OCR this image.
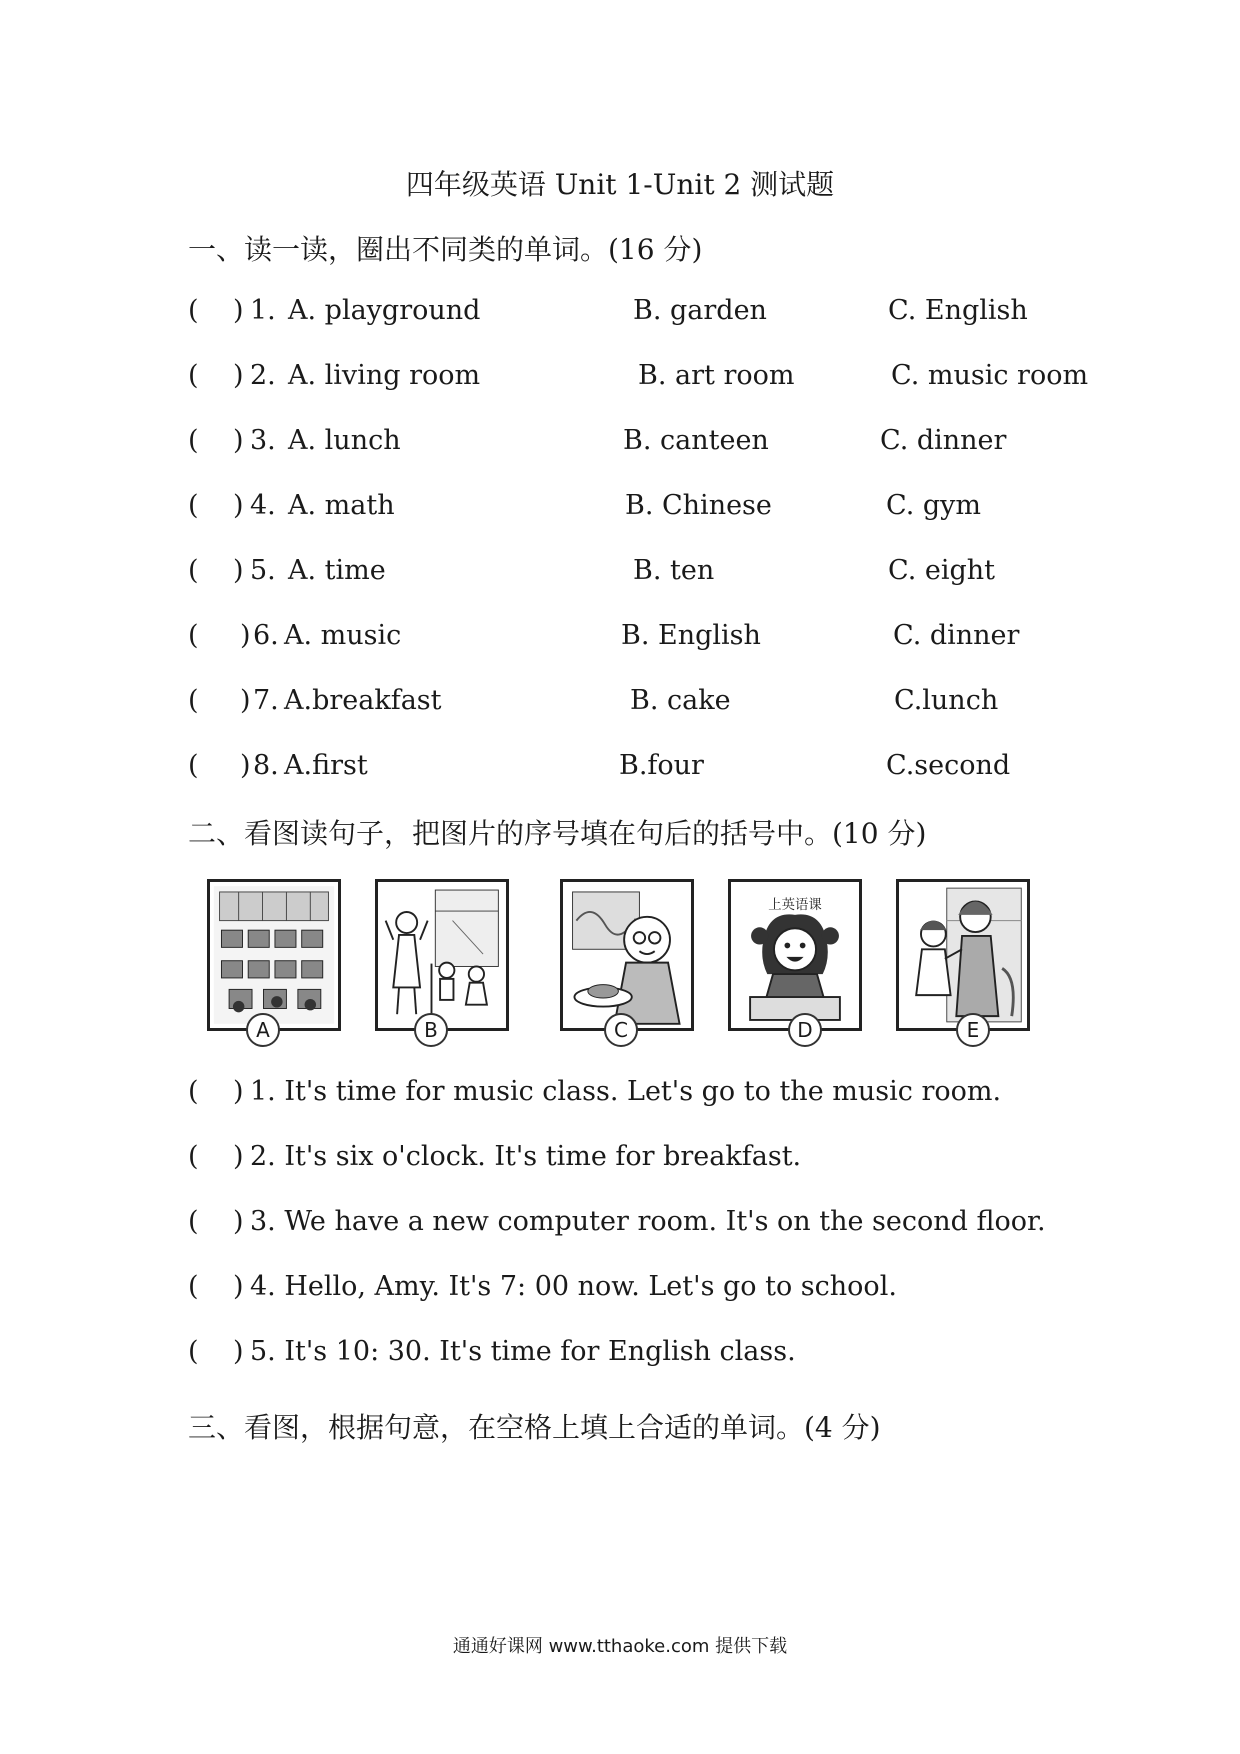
四年级英语 Unit 1-Unit 2 测试题
一、读一读，圈出不同类的单词。(16 分)
( ) 1. A. playground	B. garden	C. English
( ) 2. A. living room	B. art room	C. music room
( ) 3. A. lunch	B. canteen	C. dinner
( ) 4. A. math	B. Chinese	C. gym
( ) 5. A. time	B. ten	C. eight
( ) 6. A. music	B. English	C. dinner
( ) 7. A.breakfast	B. cake	C.lunch
( ) 8. A.first	B.four	C.second
二、看图读句子，把图片的序号填在句后的括号中。(10 分)
上英语课
A	B	C	D	E
( ) 1. It's time for music class. Let's go to the music room.
( ) 2. It's six o'clock. It's time for breakfast.
( ) 3. We have a new computer room. It's on the second floor.
( ) 4. Hello, Amy. It's 7: 00 now. Let's go to school.
( ) 5. It's 10: 30. It's time for English class.
三、看图，根据句意，在空格上填上合适的单词。(4 分)
通通好课网 www.tthaoke.com 提供下载
